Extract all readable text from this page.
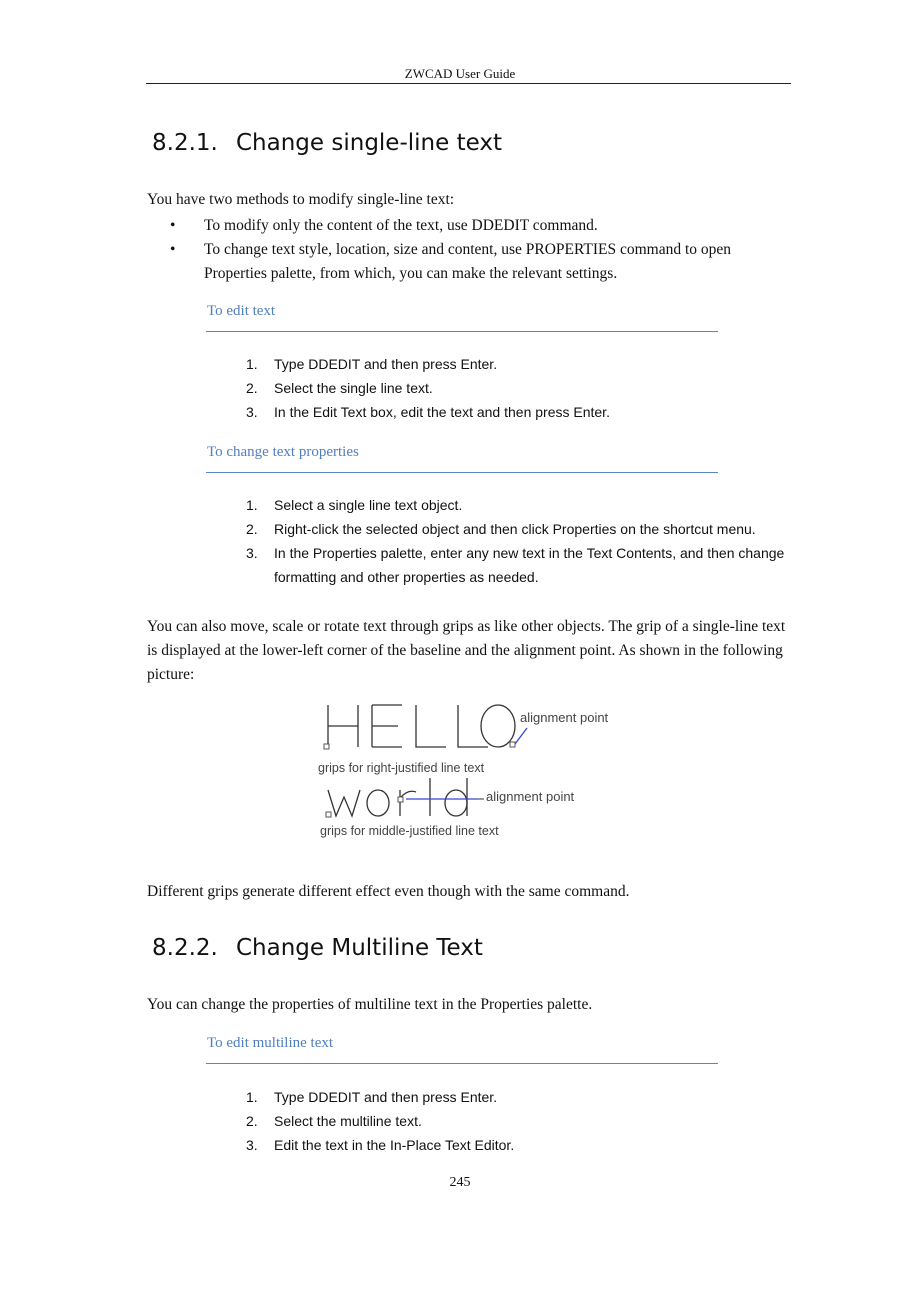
ZWCAD User Guide
8.2.1. Change single-line text
You have two methods to modify single-line text:
• To modify only the content of the text, use DDEDIT command.
• To change text style, location, size and content, use PROPERTIES command to open Properties palette, from which, you can make the relevant settings.
To edit text
1. Type DDEDIT and then press Enter.
2. Select the single line text.
3. In the Edit Text box, edit the text and then press Enter.
To change text properties
1. Select a single line text object.
2. Right-click the selected object and then click Properties on the shortcut menu.
3. In the Properties palette, enter any new text in the Text Contents, and then change formatting and other properties as needed.
You can also move, scale or rotate text through grips as like other objects. The grip of a single-line text is displayed at the lower-left corner of the baseline and the alignment point. As shown in the following picture:
alignment point
grips for right-justified line text
alignment point
grips for middle-justified line text
Different grips generate different effect even though with the same command.
8.2.2. Change Multiline Text
You can change the properties of multiline text in the Properties palette.
To edit multiline text
1. Type DDEDIT and then press Enter.
2. Select the multiline text.
3. Edit the text in the In-Place Text Editor.
245
